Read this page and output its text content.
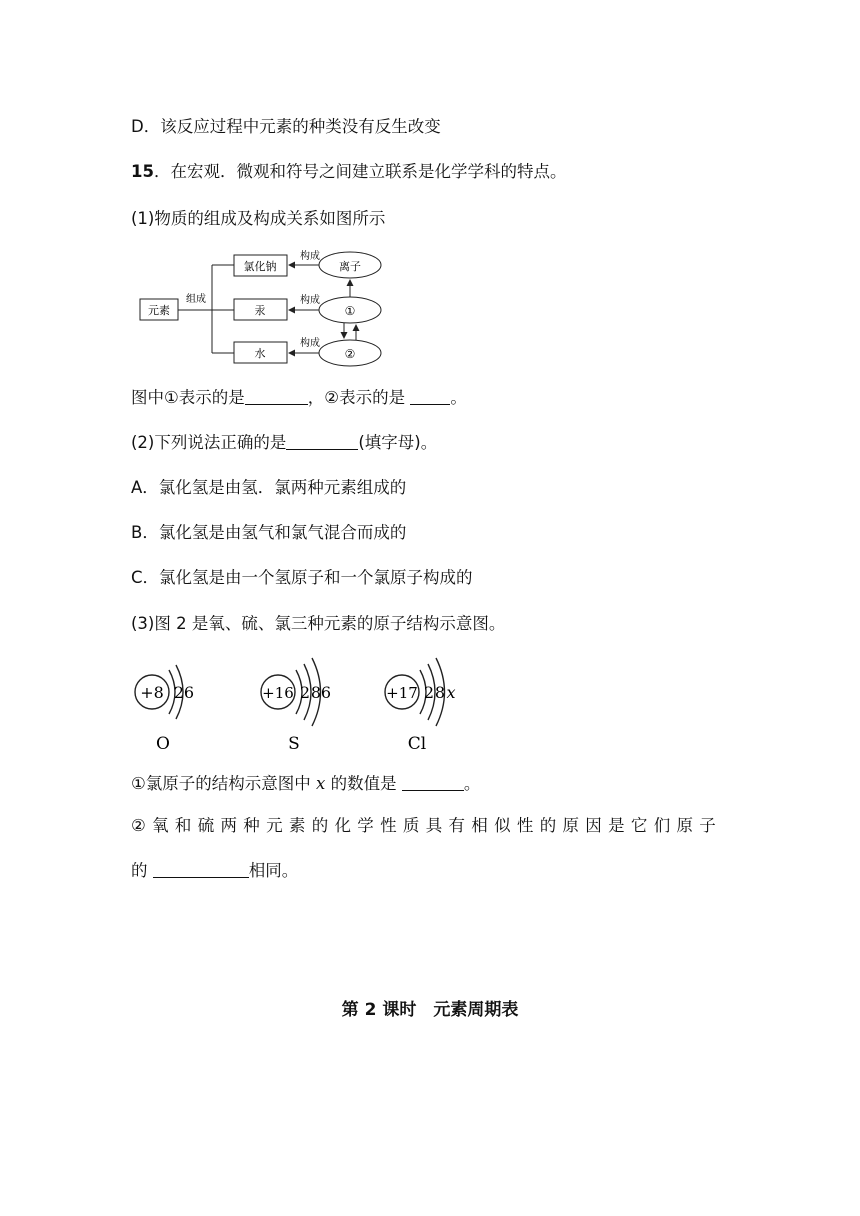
D．该反应过程中元素的种类没有反生改变
15．在宏观．微观和符号之间建立联系是化学学科的特点。
(1)物质的组成及构成关系如图所示
元素
组成
氯化钠
汞
水
构成
构成
构成
离子
①
②
图中①表示的是	，②表示的是 。
(2)下列说法正确的是	(填字母)。
A．氯化氢是由氢．氯两种元素组成的
B．氯化氢是由氢气和氯气混合而成的
C．氯化氢是由一个氢原子和一个氯原子构成的
(3)图 2 是氧、硫、氯三种元素的原子结构示意图。
+8 2 6
O
+16 2 8 6
S
+17 2 8 x
Cl
①氯原子的结构示意图中 x 的数值是	。
②氧和硫两种元素的化学性质具有相似性的原因是它们原子
的	相同。
第 2 课时　元素周期表
